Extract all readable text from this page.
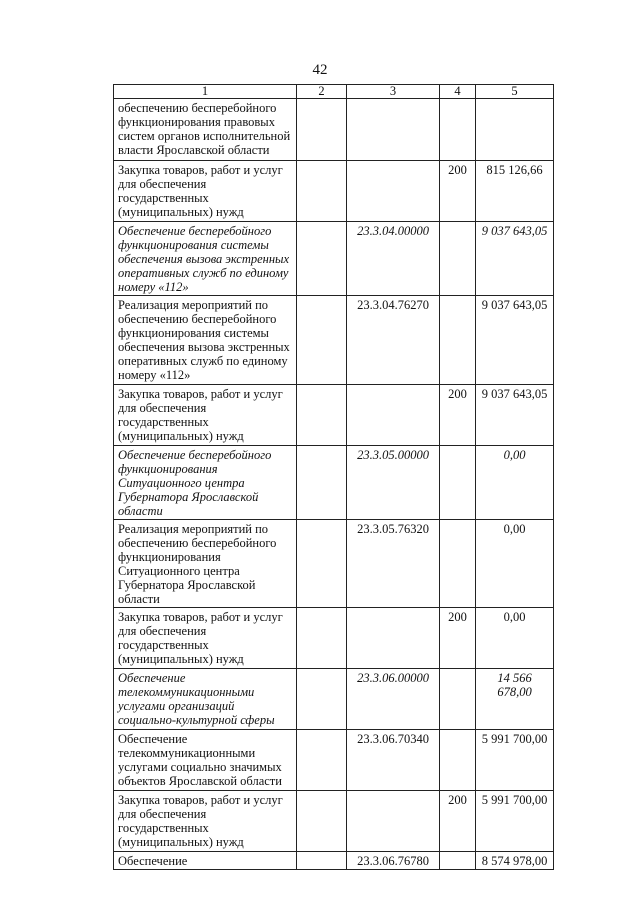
42
1	2	3	4	5
обеспечению бесперебойного функционирования правовых систем органов исполнительной власти Ярославской области				
Закупка товаров, работ и услуг для обеспечения государственных (муниципальных) нужд			200	815 126,66
Обеспечение бесперебойного функционирования системы обеспечения вызова экстренных оперативных служб по единому номеру «112»		23.3.04.00000		9 037 643,05
Реализация мероприятий по обеспечению бесперебойного функционирования системы обеспечения вызова экстренных оперативных служб по единому номеру «112»		23.3.04.76270		9 037 643,05
Закупка товаров, работ и услуг для обеспечения государственных (муниципальных) нужд			200	9 037 643,05
Обеспечение бесперебойного функционирования Ситуационного центра Губернатора Ярославской области		23.3.05.00000		0,00
Реализация мероприятий по обеспечению бесперебойного функционирования Ситуационного центра Губернатора Ярославской области		23.3.05.76320		0,00
Закупка товаров, работ и услуг для обеспечения государственных (муниципальных) нужд			200	0,00
Обеспечение телекоммуникационными услугами организаций социально-культурной сферы		23.3.06.00000		14 566 678,00
Обеспечение телекоммуникационными услугами социально значимых объектов Ярославской области		23.3.06.70340		5 991 700,00
Закупка товаров, работ и услуг для обеспечения государственных (муниципальных) нужд			200	5 991 700,00
Обеспечение		23.3.06.76780		8 574 978,00
